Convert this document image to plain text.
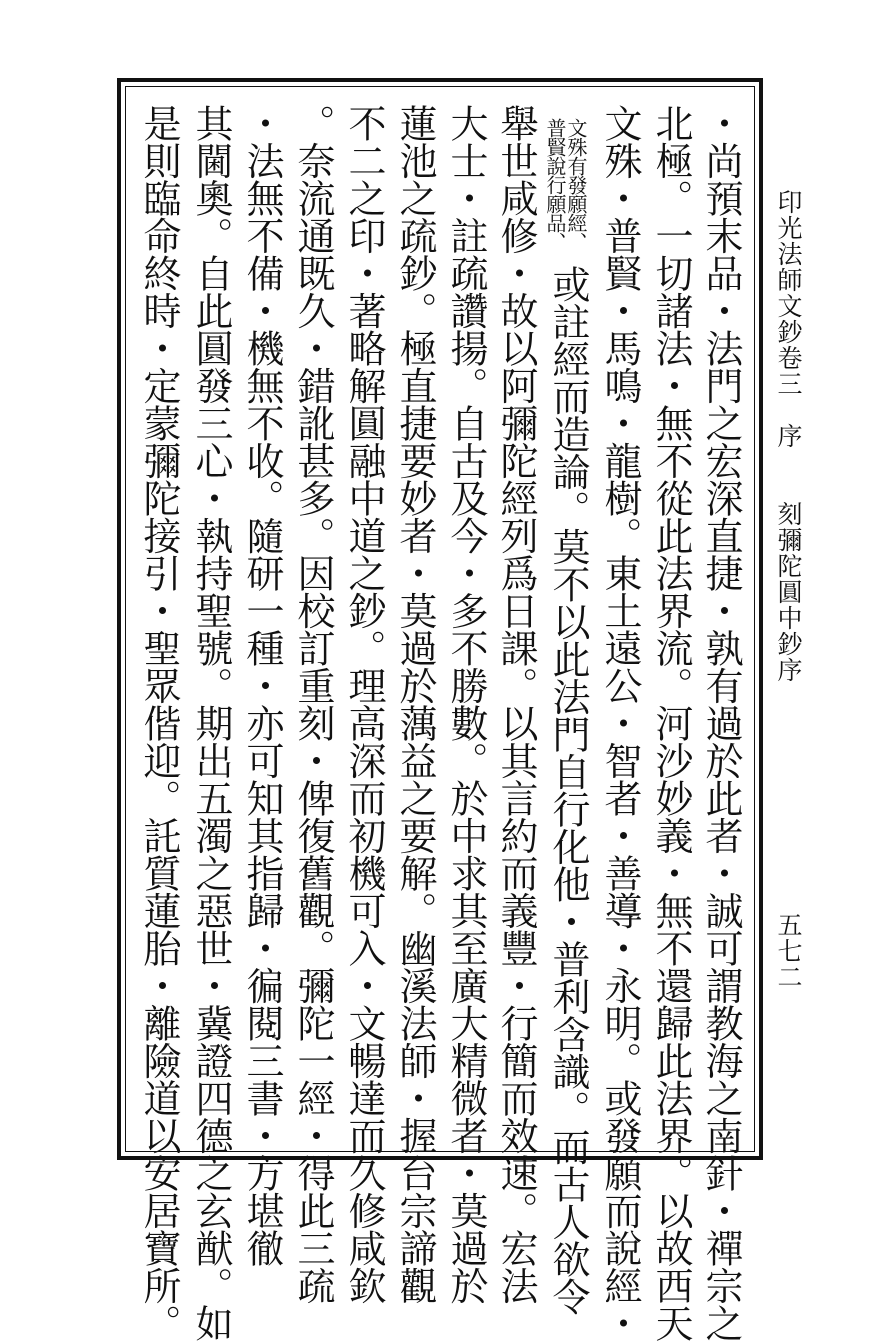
印光法師文鈔卷三　序　　刻彌陀圓中鈔序
五七二
・尚預末品・法門之宏深直捷・孰有過於此者・誠可謂教海之南針・禪宗之
北極。一切諸法・無不從此法界流。河沙妙義・無不還歸此法界。以故西天
文殊・普賢・馬鳴・龍樹。東土遠公・智者・善導・永明。或發願而說經・
文殊有發願經、
普賢說行願品、
或註經而造論。莫不以此法門自行化他・普利含識。而古人欲令
舉世咸修・故以阿彌陀經列爲日課。以其言約而義豐・行簡而效速。宏法
大士・註疏讚揚。自古及今・多不勝數。於中求其至廣大精微者・莫過於
蓮池之疏鈔。極直捷要妙者・莫過於蕅益之要解。幽溪法師・握台宗諦觀
不二之印・著略解圓融中道之鈔。理高深而初機可入・文暢達而久修咸欽
。奈流通既久・錯訛甚多。因校訂重刻・俾復舊觀。彌陀一經・得此三疏
・法無不備・機無不收。隨研一種・亦可知其指歸・徧閱三書・方堪徹
其閫奧。自此圓發三心・執持聖號。期出五濁之惡世・冀證四德之玄猷。如
是則臨命終時・定蒙彌陀接引・聖眾偕迎。託質蓮胎・離險道以安居寶所。
